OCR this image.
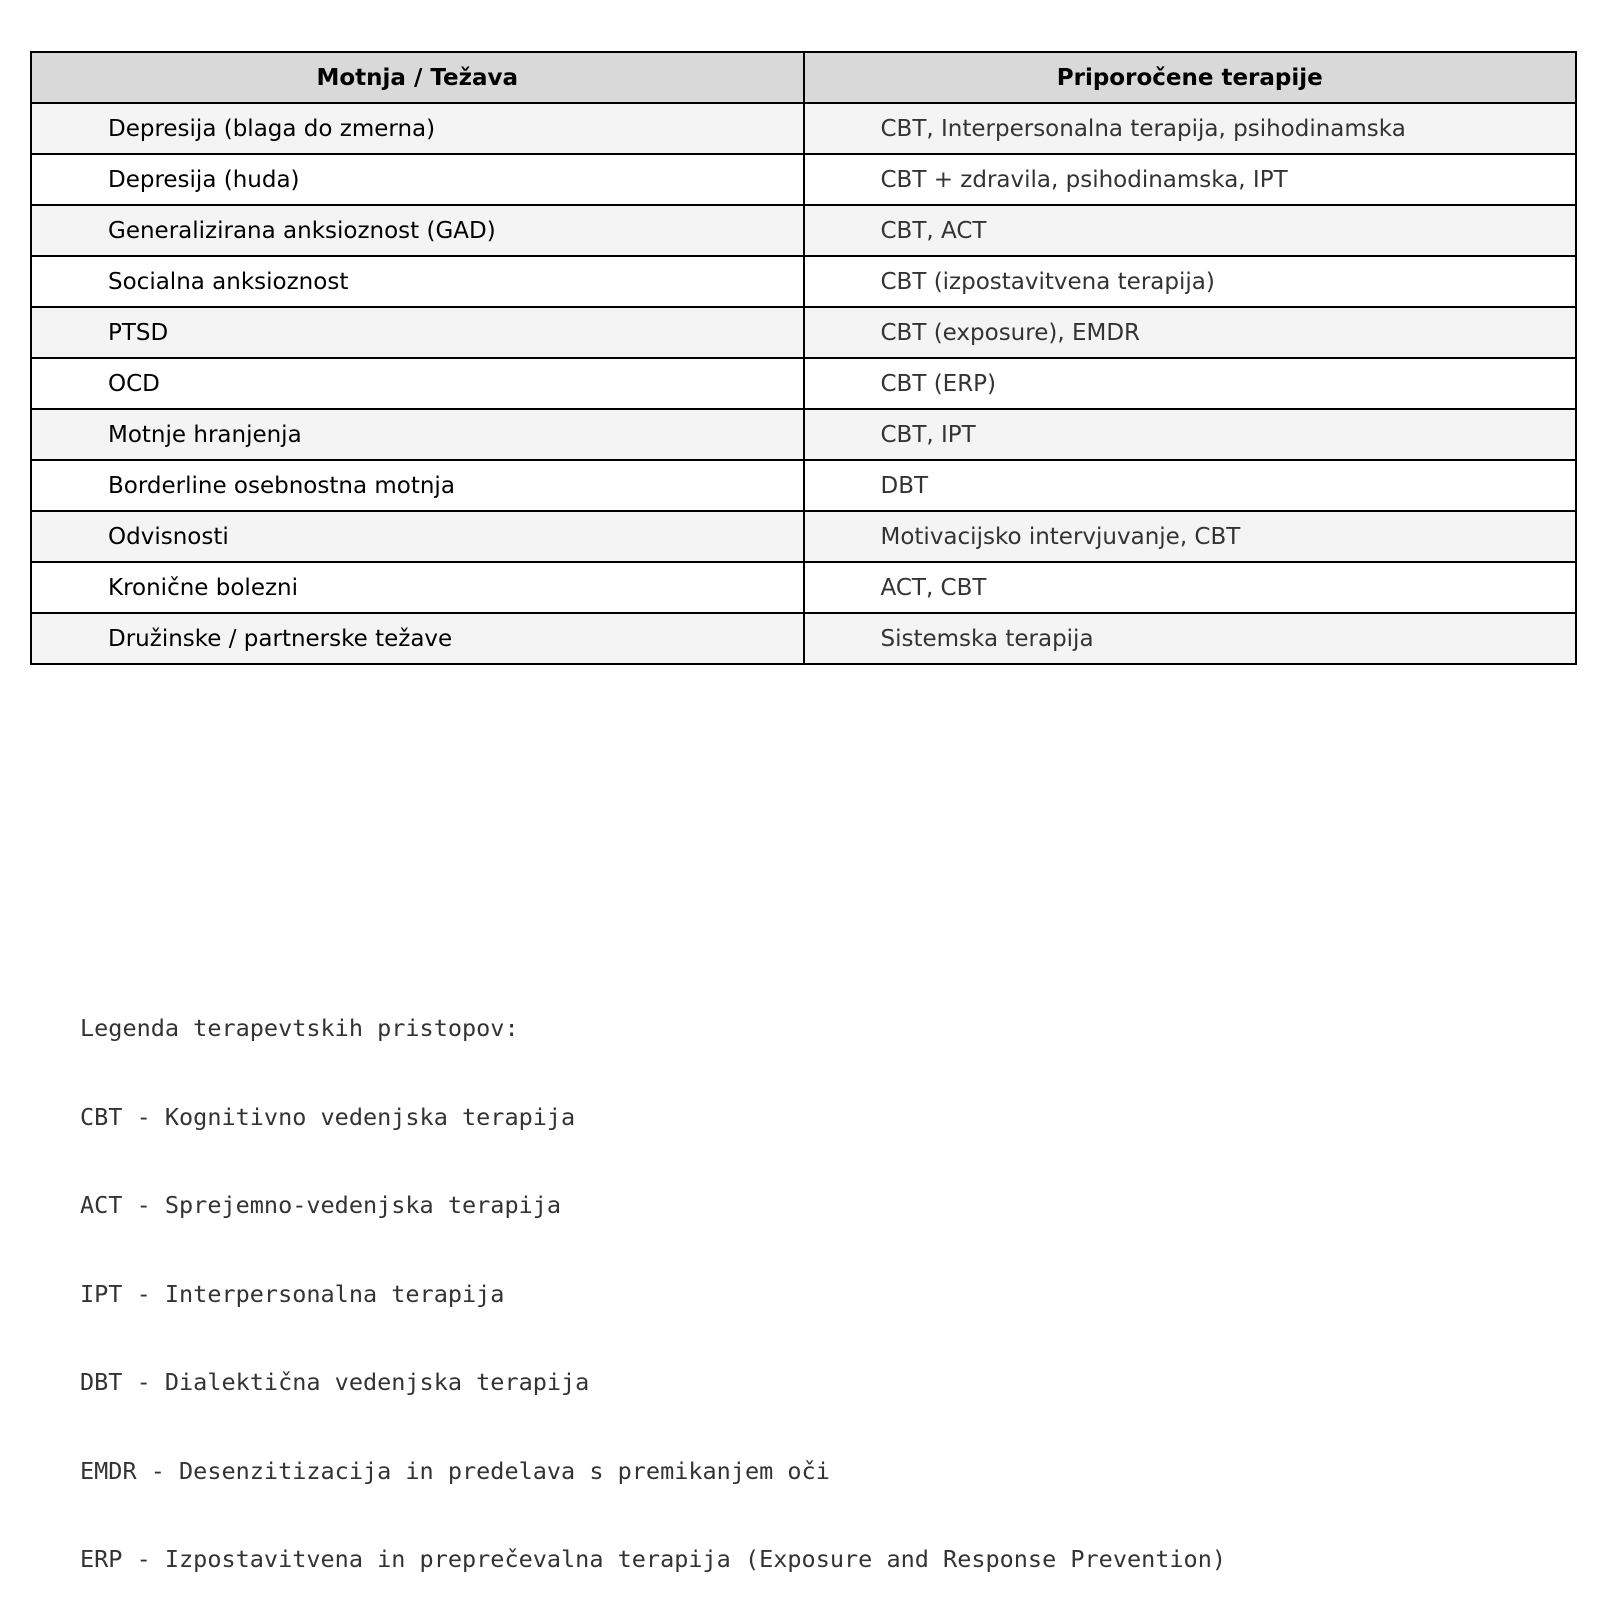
Motnja / Težava	Priporočene terapije
Depresija (blaga do zmerna)	CBT, Interpersonalna terapija, psihodinamska
Depresija (huda)	CBT + zdravila, psihodinamska, IPT
Generalizirana anksioznost (GAD)	CBT, ACT
Socialna anksioznost	CBT (izpostavitvena terapija)
PTSD	CBT (exposure), EMDR
OCD	CBT (ERP)
Motnje hranjenja	CBT, IPT
Borderline osebnostna motnja	DBT
Odvisnosti	Motivacijsko intervjuvanje, CBT
Kronične bolezni	ACT, CBT
Družinske / partnerske težave	Sistemska terapija

Legenda terapevtskih pristopov:

CBT - Kognitivno vedenjska terapija

ACT - Sprejemno-vedenjska terapija

IPT - Interpersonalna terapija

DBT - Dialektična vedenjska terapija

EMDR - Desenzitizacija in predelava s premikanjem oči

ERP - Izpostavitvena in preprečevalna terapija (Exposure and Response Prevention)
